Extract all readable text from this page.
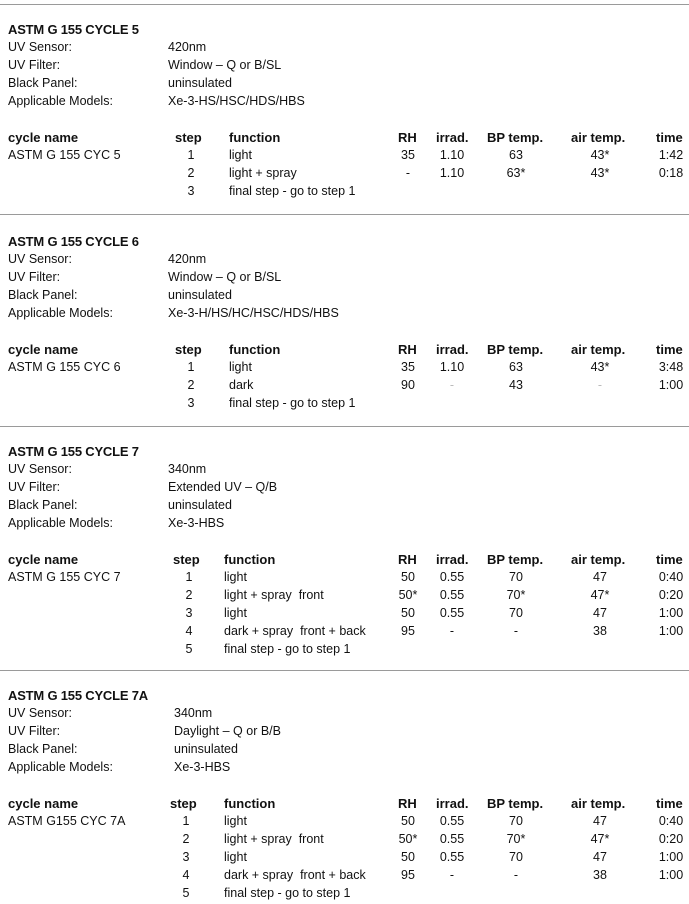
ASTM G 155 CYCLE 5
UV Sensor:	420nm
UV Filter:	Window – Q or B/SL
Black Panel:	uninsulated
Applicable Models:	Xe-3-HS/HSC/HDS/HBS
cycle name	step function	RH irrad. BP temp. air temp. time
ASTM G 155 CYC 5	1	light	35 1.10	63	43*	1:42
2	light + spray	- 1.10	63*	43*	0:18
3	final step - go to step 1
ASTM G 155 CYCLE 6
UV Sensor:	420nm
UV Filter:	Window – Q or B/SL
Black Panel:	uninsulated
Applicable Models:	Xe-3-H/HS/HC/HSC/HDS/HBS
cycle name	step function	RH irrad. BP temp. air temp. time
ASTM G 155 CYC 6	1	light	35 1.10	63	43*	3:48
2	dark	90	-	43	-	1:00
3	final step - go to step 1
ASTM G 155 CYCLE 7
UV Sensor:	340nm
UV Filter:	Extended UV – Q/B
Black Panel:	uninsulated
Applicable Models:	Xe-3-HBS
cycle name	step function	RH irrad. BP temp. air temp. time
ASTM G 155 CYC 7	1	light	50 0.55	70	47	0:40
2	light + spray  front	50* 0.55	70*	47*	0:20
3	light	50 0.55	70	47	1:00
4	dark + spray  front + back	95	-	-	38	1:00
5	final step - go to step 1
ASTM G 155 CYCLE 7A
UV Sensor:	340nm
UV Filter:	Daylight – Q or B/B
Black Panel:	uninsulated
Applicable Models:	Xe-3-HBS
cycle name	step function	RH irrad. BP temp. air temp. time
ASTM G155 CYC 7A	1	light	50 0.55	70	47	0:40
2	light + spray  front	50* 0.55	70*	47*	0:20
3	light	50 0.55	70	47	1:00
4	dark + spray  front + back	95	-	-	38	1:00
5	final step - go to step 1
